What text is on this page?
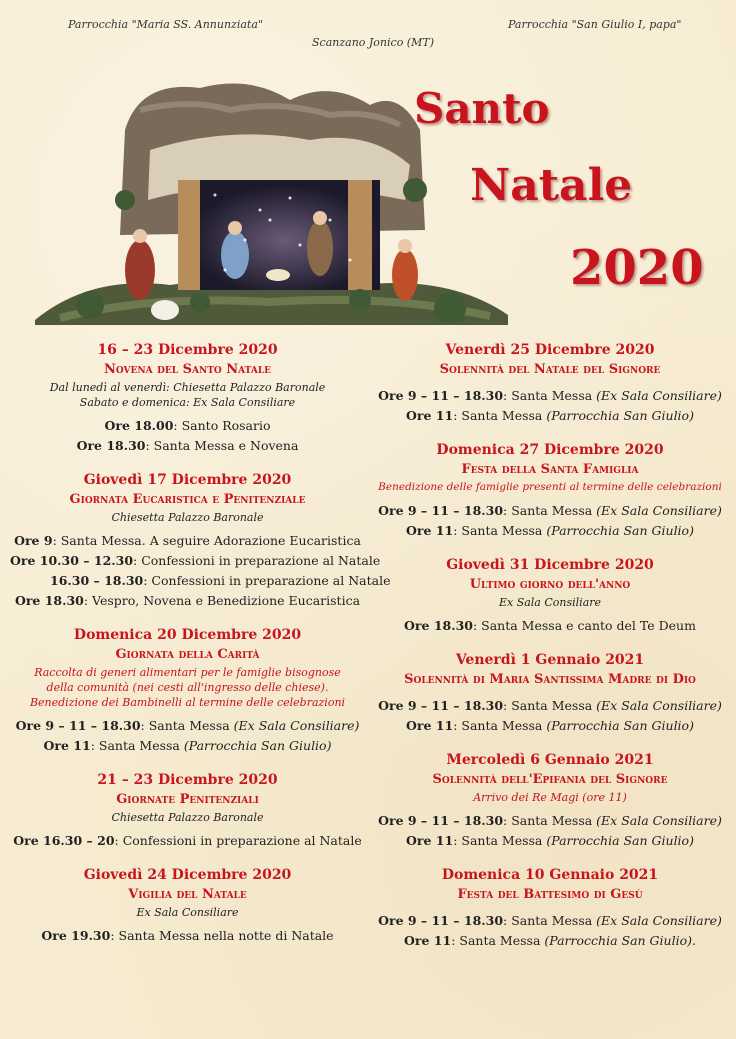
Parrocchia "Maria SS. Annunziata"	Parrocchia "San Giulio I, papa"
Scanzano Jonico (MT)
Santo
Natale
2020
16 – 23 Dicembre 2020
Novena del Santo Natale
Dal lunedì al venerdì: Chiesetta Palazzo Baronale
Sabato e domenica: Ex Sala Consiliare
Ore 18.00: Santo Rosario
Ore 18.30: Santa Messa e Novena
Giovedì 17 Dicembre 2020
Giornata Eucaristica e Penitenziale
Chiesetta Palazzo Baronale
Ore 9: Santa Messa. A seguire Adorazione Eucaristica
Ore 10.30 – 12.30: Confessioni in preparazione al Natale
16.30 – 18.30: Confessioni in preparazione al Natale
Ore 18.30: Vespro, Novena e Benedizione Eucaristica
Domenica 20 Dicembre 2020
Giornata della Carità
Raccolta di generi alimentari per le famiglie bisognose
della comunità (nei cesti all'ingresso delle chiese).
Benedizione dei Bambinelli al termine delle celebrazioni
Ore 9 – 11 – 18.30: Santa Messa (Ex Sala Consiliare)
Ore 11: Santa Messa (Parrocchia San Giulio)
21 – 23 Dicembre 2020
Giornate Penitenziali
Chiesetta Palazzo Baronale
Ore 16.30 – 20: Confessioni in preparazione al Natale
Giovedì 24 Dicembre 2020
Vigilia del Natale
Ex Sala Consiliare
Ore 19.30: Santa Messa nella notte di Natale
Venerdì 25 Dicembre 2020
Solennità del Natale del Signore
Ore 9 – 11 – 18.30: Santa Messa (Ex Sala Consiliare)
Ore 11: Santa Messa (Parrocchia San Giulio)
Domenica 27 Dicembre 2020
Festa della Santa Famiglia
Benedizione delle famiglie presenti al termine delle celebrazioni
Ore 9 – 11 – 18.30: Santa Messa (Ex Sala Consiliare)
Ore 11: Santa Messa (Parrocchia San Giulio)
Giovedì 31 Dicembre 2020
Ultimo giorno dell'anno
Ex Sala Consiliare
Ore 18.30: Santa Messa e canto del Te Deum
Venerdì 1 Gennaio 2021
Solennità di Maria Santissima Madre di Dio
Ore 9 – 11 – 18.30: Santa Messa (Ex Sala Consiliare)
Ore 11: Santa Messa (Parrocchia San Giulio)
Mercoledì 6 Gennaio 2021
Solennità dell'Epifania del Signore
Arrivo dei Re Magi (ore 11)
Ore 9 – 11 – 18.30: Santa Messa (Ex Sala Consiliare)
Ore 11: Santa Messa (Parrocchia San Giulio)
Domenica 10 Gennaio 2021
Festa del Battesimo di Gesù
Ore 9 – 11 – 18.30: Santa Messa (Ex Sala Consiliare)
Ore 11: Santa Messa (Parrocchia San Giulio).
